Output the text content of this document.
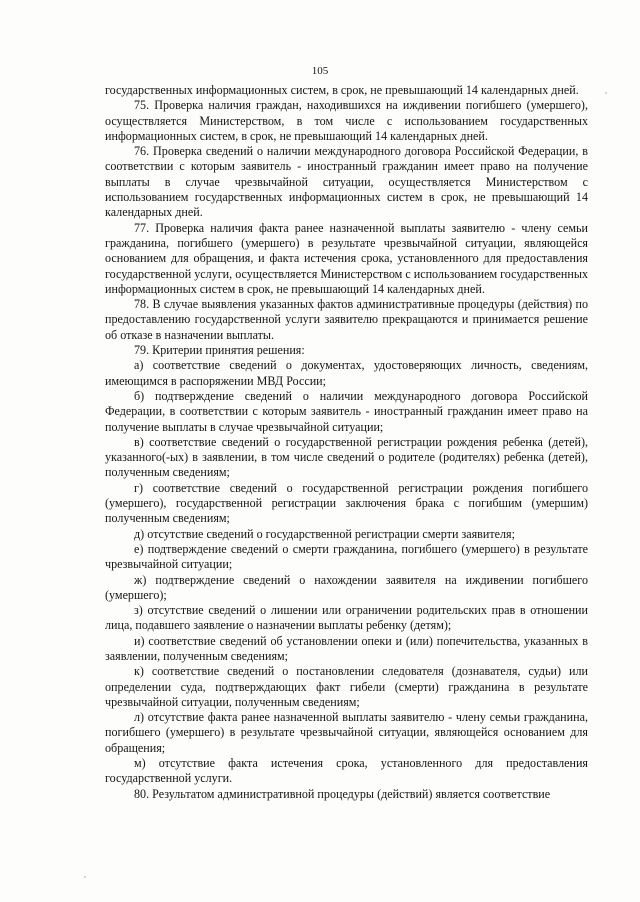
105

государственных информационных систем, в срок, не превышающий 14 календарных дней.

75. Проверка наличия граждан, находившихся на иждивении погибшего (умершего), осуществляется Министерством, в том числе с использованием государственных информационных систем, в срок, не превышающий 14 календарных дней.

76. Проверка сведений о наличии международного договора Российской Федерации, в соответствии с которым заявитель - иностранный гражданин имеет право на получение выплаты в случае чрезвычайной ситуации, осуществляется Министерством с использованием государственных информационных систем в срок, не превышающий 14 календарных дней.

77. Проверка наличия факта ранее назначенной выплаты заявителю - члену семьи гражданина, погибшего (умершего) в результате чрезвычайной ситуации, являющейся основанием для обращения, и факта истечения срока, установленного для предоставления государственной услуги, осуществляется Министерством с использованием государственных информационных систем в срок, не превышающий 14 календарных дней.

78. В случае выявления указанных фактов административные процедуры (действия) по предоставлению государственной услуги заявителю прекращаются и принимается решение об отказе в назначении выплаты.

79. Критерии принятия решения:

а) соответствие сведений о документах, удостоверяющих личность, сведениям, имеющимся в распоряжении МВД России;

б) подтверждение сведений о наличии международного договора Российской Федерации, в соответствии с которым заявитель - иностранный гражданин имеет право на получение выплаты в случае чрезвычайной ситуации;

в) соответствие сведений о государственной регистрации рождения ребенка (детей), указанного(-ых) в заявлении, в том числе сведений о родителе (родителях) ребенка (детей), полученным сведениям;

г) соответствие сведений о государственной регистрации рождения погибшего (умершего), государственной регистрации заключения брака с погибшим (умершим) полученным сведениям;

д) отсутствие сведений о государственной регистрации смерти заявителя;

е) подтверждение сведений о смерти гражданина, погибшего (умершего) в результате чрезвычайной ситуации;

ж) подтверждение сведений о нахождении заявителя на иждивении погибшего (умершего);

з) отсутствие сведений о лишении или ограничении родительских прав в отношении лица, подавшего заявление о назначении выплаты ребенку (детям);

и) соответствие сведений об установлении опеки и (или) попечительства, указанных в заявлении, полученным сведениям;

к) соответствие сведений о постановлении следователя (дознавателя, судьи) или определении суда, подтверждающих факт гибели (смерти) гражданина в результате чрезвычайной ситуации, полученным сведениям;

л) отсутствие факта ранее назначенной выплаты заявителю - члену семьи гражданина, погибшего (умершего) в результате чрезвычайной ситуации, являющейся основанием для обращения;

м) отсутствие факта истечения срока, установленного для предоставления государственной услуги.

80. Результатом административной процедуры (действий) является соответствие
